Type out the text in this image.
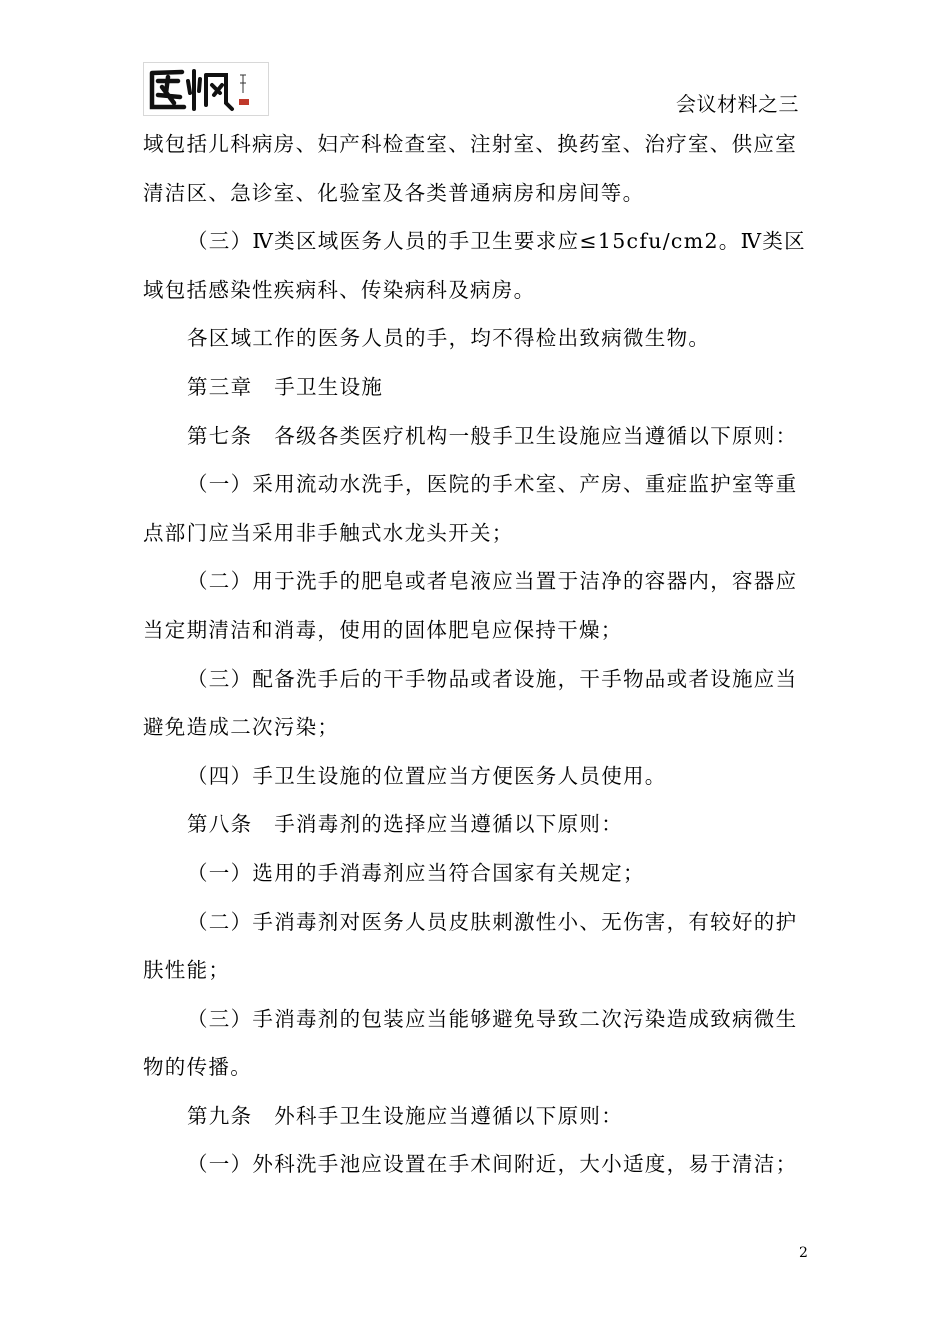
会议材料之三

域包括儿科病房、妇产科检查室、注射室、换药室、治疗室、供应室清洁区、急诊室、化验室及各类普通病房和房间等。

（三）Ⅳ类区域医务人员的手卫生要求应≤15cfu/cm2。Ⅳ类区域包括感染性疾病科、传染病科及病房。

各区域工作的医务人员的手，均不得检出致病微生物。

第三章　手卫生设施

第七条　各级各类医疗机构一般手卫生设施应当遵循以下原则：

（一）采用流动水洗手，医院的手术室、产房、重症监护室等重点部门应当采用非手触式水龙头开关；

（二）用于洗手的肥皂或者皂液应当置于洁净的容器内，容器应当定期清洁和消毒，使用的固体肥皂应保持干燥；

（三）配备洗手后的干手物品或者设施，干手物品或者设施应当避免造成二次污染；

（四）手卫生设施的位置应当方便医务人员使用。

第八条　手消毒剂的选择应当遵循以下原则：

（一）选用的手消毒剂应当符合国家有关规定；

（二）手消毒剂对医务人员皮肤刺激性小、无伤害，有较好的护肤性能；

（三）手消毒剂的包装应当能够避免导致二次污染造成致病微生物的传播。

第九条　外科手卫生设施应当遵循以下原则：

（一）外科洗手池应设置在手术间附近，大小适度，易于清洁；

2
